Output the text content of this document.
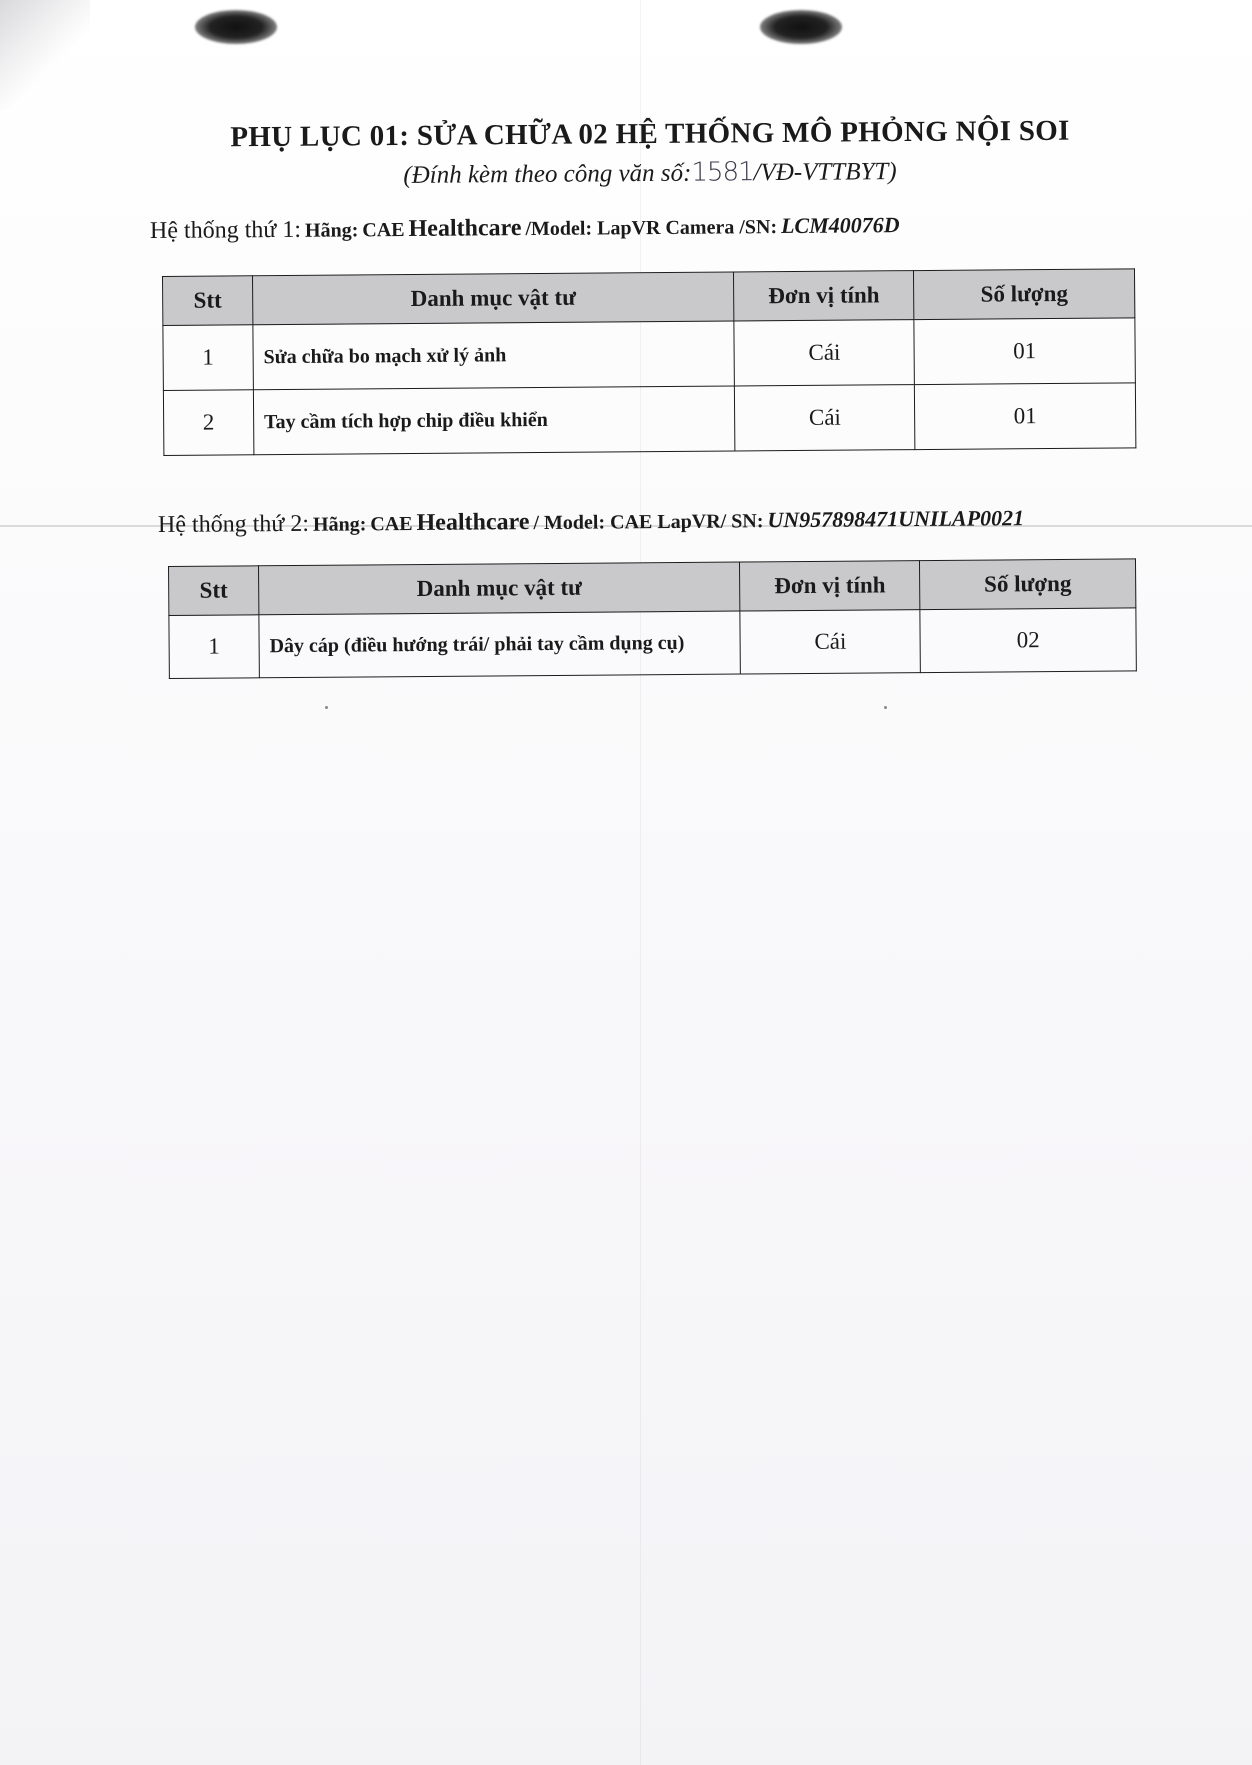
PHỤ LỤC 01: SỬA CHỮA 02 HỆ THỐNG MÔ PHỎNG NỘI SOI
(Đính kèm theo công văn số:1581/VĐ-VTTBYT)
Hệ thống thứ 1: Hãng: CAE Healthcare /Model: LapVR Camera /SN: LCM40076D
Stt	Danh mục vật tư	Đơn vị tính	Số lượng
1	Sửa chữa bo mạch xử lý ảnh	Cái	01
2	Tay cầm tích hợp chip điều khiển	Cái	01
Hệ thống thứ 2: Hãng: CAE Healthcare / Model: CAE LapVR/ SN: UN957898471UNILAP0021
Stt	Danh mục vật tư	Đơn vị tính	Số lượng
1	Dây cáp (điều hướng trái/ phải tay cầm dụng cụ)	Cái	02
